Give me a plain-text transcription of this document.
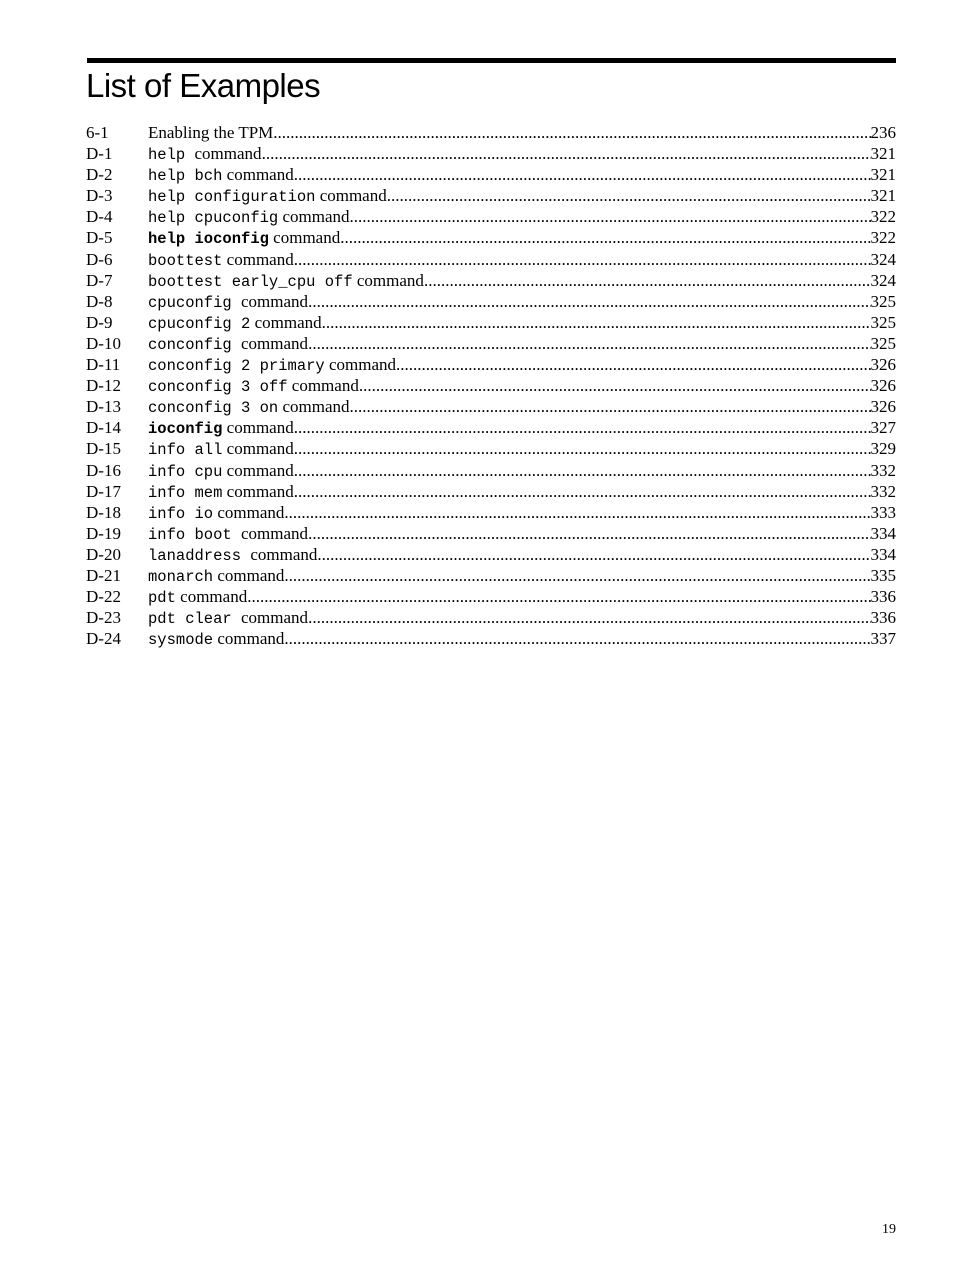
List of Examples
6-1	Enabling the TPM .....	236
D-1	help command .....	321
D-2	help bch command .....	321
D-3	help configuration command .....	321
D-4	help cpuconfig command .....	322
D-5	help ioconfig command .....	322
D-6	boottest command .....	324
D-7	boottest early_cpu off command .....	324
D-8	cpuconfig command .....	325
D-9	cpuconfig 2 command .....	325
D-10	conconfig command .....	325
D-11	conconfig 2 primary command .....	326
D-12	conconfig 3 off command .....	326
D-13	conconfig 3 on command .....	326
D-14	ioconfig command .....	327
D-15	info all command .....	329
D-16	info cpu command .....	332
D-17	info mem command .....	332
D-18	info io command .....	333
D-19	info boot command .....	334
D-20	lanaddress command .....	334
D-21	monarch command .....	335
D-22	pdt command .....	336
D-23	pdt clear command .....	336
D-24	sysmode command .....	337
19
